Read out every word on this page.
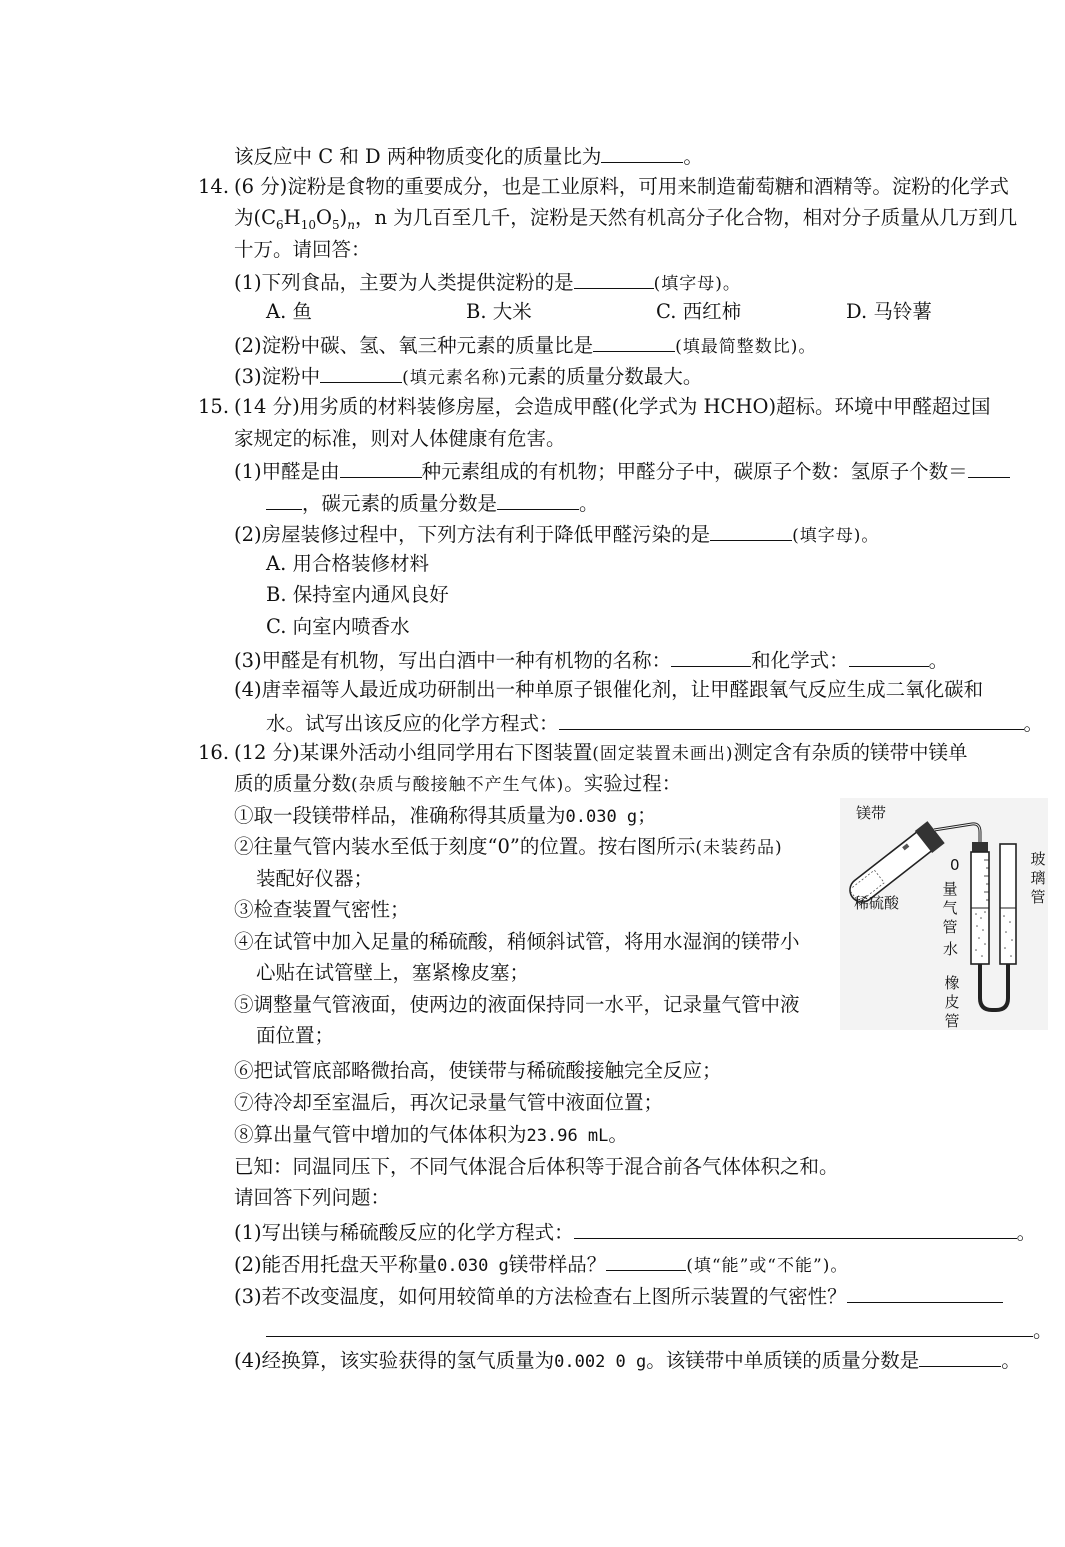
该反应中 C 和 D 两种物质变化的质量比为	。
14. (6 分)淀粉是食物的重要成分，也是工业原料，可用来制造葡萄糖和酒精等。淀粉的化学式
为$(C_6H_{10}O_5)_n$，n 为几百至几千，淀粉是天然有机高分子化合物，相对分子质量从几万到几
十万。请回答：
(1)下列食品，主要为人类提供淀粉的是	(填字母)。
A. 鱼	B. 大米	C. 西红柿	D. 马铃薯
(2)淀粉中碳、氢、氧三种元素的质量比是	(填最简整数比)。
(3)淀粉中	(填元素名称)元素的质量分数最大。
15. (14 分)用劣质的材料装修房屋，会造成甲醛(化学式为 HCHO)超标。环境中甲醛超过国
家规定的标准，则对人体健康有危害。
(1)甲醛是由	种元素组成的有机物；甲醛分子中，碳原子个数：氢原子个数＝
，碳元素的质量分数是	。
(2)房屋装修过程中，下列方法有利于降低甲醛污染的是	(填字母)。
A. 用合格装修材料
B. 保持室内通风良好
C. 向室内喷香水
(3)甲醛是有机物，写出白酒中一种有机物的名称：	和化学式：	。
(4)唐幸福等人最近成功研制出一种单原子银催化剂，让甲醛跟氧气反应生成二氧化碳和
水。试写出该反应的化学方程式：	。
16. (12 分)某课外活动小组同学用右下图装置(固定装置未画出)测定含有杂质的镁带中镁单
质的质量分数(杂质与酸接触不产生气体)。实验过程：
①取一段镁带样品，准确称得其质量为0.030 g；
②往量气管内装水至低于刻度“0”的位置。按右图所示(未装药品)
装配好仪器；
③检查装置气密性；
④在试管中加入足量的稀硫酸，稍倾斜试管，将用水湿润的镁带小
心贴在试管壁上，塞紧橡皮塞；
⑤调整量气管液面，使两边的液面保持同一水平，记录量气管中液
面位置；
⑥把试管底部略微抬高，使镁带与稀硫酸接触完全反应；
⑦待冷却至室温后，再次记录量气管中液面位置；
⑧算出量气管中增加的气体体积为23.96 mL。
已知：同温同压下，不同气体混合后体积等于混合前各气体体积之和。
请回答下列问题：
(1)写出镁与稀硫酸反应的化学方程式：	。
(2)能否用托盘天平称量0.030 g镁带样品？	(填“能”或“不能”)。
(3)若不改变温度，如何用较简单的方法检查右上图所示装置的气密性？
。
(4)经换算，该实验获得的氢气质量为0.002 0 g。该镁带中单质镁的质量分数是	。
镁带
稀硫酸
0
量气管
水
橡皮管
玻璃管
